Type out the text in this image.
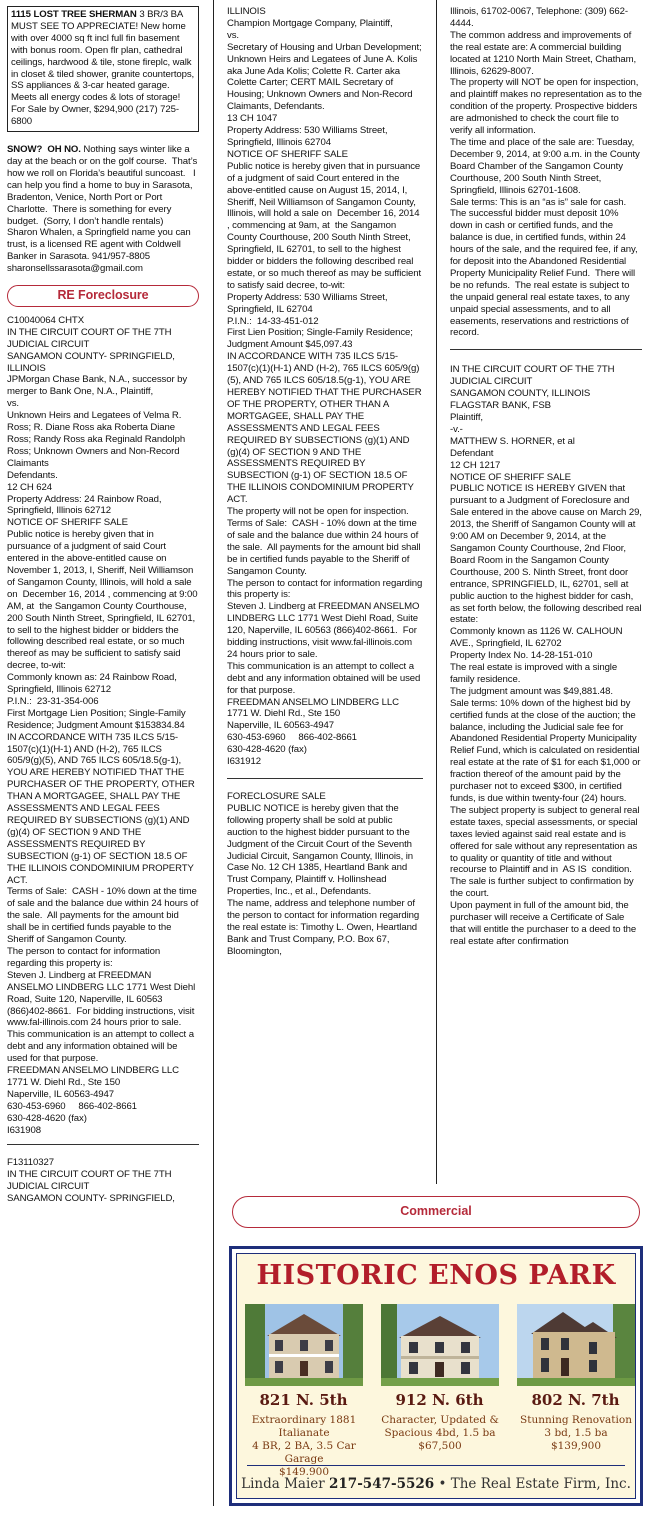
1115 LOST TREE SHERMAN 3 BR/3 BA MUST SEE TO APPRECIATE! New home with over 4000 sq ft incl full fin basement with bonus room. Open flr plan, cathedral ceilings, hardwood & tile, stone fireplc, walk in closet & tiled shower, granite countertops, SS appliances & 3-car heated garage. Meets all energy codes & lots of storage! For Sale by Owner, $294,900 (217) 725-6800

SNOW?  OH NO. Nothing says winter like a day at the beach or on the golf course.  That’s how we roll on Florida’s beautiful suncoast.   I can help you find a home to buy in Sarasota, Bradenton, Venice, North Port or Port Charlotte.  There is something for every budget.  (Sorry, I don’t handle rentals)   Sharon Whalen, a Springfield name you can trust, is a licensed RE agent with Coldwell Banker in Sarasota. 941/957-8805   sharonsellssarasota@gmail.com

RE Foreclosure

C10040064 CHTX
IN THE CIRCUIT COURT OF THE 7TH JUDICIAL CIRCUIT
SANGAMON COUNTY- SPRINGFIELD, ILLINOIS
JPMorgan Chase Bank, N.A., successor by merger to Bank One, N.A., Plaintiff,
vs.
Unknown Heirs and Legatees of Velma R. Ross; R. Diane Ross aka Roberta Diane Ross; Randy Ross aka Reginald Randolph Ross; Unknown Owners and Non-Record Claimants
Defendants.
12 CH 624
Property Address: 24 Rainbow Road, Springfield, Illinois 62712
NOTICE OF SHERIFF SALE
Public notice is hereby given that in pursuance of a judgment of said Court entered in the above-entitled cause on November 1, 2013, I, Sheriff, Neil Williamson of Sangamon County, Illinois, will hold a sale on  December 16, 2014 , commencing at 9:00 AM, at  the Sangamon County Courthouse, 200 South Ninth Street, Springfield, IL 62701, to sell to the highest bidder or bidders the following described real estate, or so much thereof as may be sufficient to satisfy said decree, to-wit:
Commonly known as: 24 Rainbow Road, Springfield, Illinois 62712
P.I.N.:  23-31-354-006
First Mortgage Lien Position; Single-Family Residence; Judgment Amount $153834.84
IN ACCORDANCE WITH 735 ILCS 5/15-1507(c)(1)(H-1) AND (H-2), 765 ILCS 605/9(g)(5), AND 765 ILCS 605/18.5(g-1), YOU ARE HEREBY NOTIFIED THAT THE PURCHASER OF THE PROPERTY, OTHER THAN A MORTGAGEE, SHALL PAY THE ASSESSMENTS AND LEGAL FEES REQUIRED BY SUBSECTIONS (g)(1) AND (g)(4) OF SECTION 9 AND THE ASSESSMENTS REQUIRED BY SUBSECTION (g-1) OF SECTION 18.5 OF THE ILLINOIS CONDOMINIUM PROPERTY ACT.
Terms of Sale:  CASH - 10% down at the time of sale and the balance due within 24 hours of the sale.  All payments for the amount bid shall be in certified funds payable to the Sheriff of Sangamon County.
The person to contact for information regarding this property is:
Steven J. Lindberg at FREEDMAN ANSELMO LINDBERG LLC 1771 West Diehl Road, Suite 120, Naperville, IL 60563 (866)402-8661.  For bidding instructions, visit www.fal-illinois.com 24 hours prior to sale.
This communication is an attempt to collect a debt and any information obtained will be used for that purpose.
FREEDMAN ANSELMO LINDBERG LLC
1771 W. Diehl Rd., Ste 150
Naperville, IL 60563-4947
630-453-6960     866-402-8661
630-428-4620 (fax)
I631908

F13110327
IN THE CIRCUIT COURT OF THE 7TH JUDICIAL CIRCUIT
SANGAMON COUNTY- SPRINGFIELD,

ILLINOIS
Champion Mortgage Company, Plaintiff,
vs.
Secretary of Housing and Urban Development; Unknown Heirs and Legatees of June A. Kolis aka June Ada Kolis; Colette R. Carter aka Colette Carter; CERT MAIL Secretary of Housing; Unknown Owners and Non-Record Claimants, Defendants.
13 CH 1047
Property Address: 530 Williams Street, Springfield, Illinois 62704
NOTICE OF SHERIFF SALE
Public notice is hereby given that in pursuance of a judgment of said Court entered in the above-entitled cause on August 15, 2014, I, Sheriff, Neil Williamson of Sangamon County, Illinois, will hold a sale on  December 16, 2014 , commencing at 9am, at  the Sangamon County Courthouse, 200 South Ninth Street, Springfield, IL 62701, to sell to the highest bidder or bidders the following described real estate, or so much thereof as may be sufficient to satisfy said decree, to-wit:
Property Address: 530 Williams Street, Springfield, IL 62704
P.I.N.:  14-33-451-012
First Lien Position; Single-Family Residence; Judgment Amount $45,097.43
IN ACCORDANCE WITH 735 ILCS 5/15-1507(c)(1)(H-1) AND (H-2), 765 ILCS 605/9(g)(5), AND 765 ILCS 605/18.5(g-1), YOU ARE HEREBY NOTIFIED THAT THE PURCHASER OF THE PROPERTY, OTHER THAN A MORTGAGEE, SHALL PAY THE ASSESSMENTS AND LEGAL FEES REQUIRED BY SUBSECTIONS (g)(1) AND (g)(4) OF SECTION 9 AND THE ASSESSMENTS REQUIRED BY SUBSECTION (g-1) OF SECTION 18.5 OF THE ILLINOIS CONDOMINIUM PROPERTY ACT.
The property will not be open for inspection.
Terms of Sale:  CASH - 10% down at the time of sale and the balance due within 24 hours of the sale.  All payments for the amount bid shall be in certified funds payable to the Sheriff of Sangamon County.
The person to contact for information regarding this property is:
Steven J. Lindberg at FREEDMAN ANSELMO LINDBERG LLC 1771 West Diehl Road, Suite 120, Naperville, IL 60563 (866)402-8661.  For bidding instructions, visit www.fal-illinois.com 24 hours prior to sale.
This communication is an attempt to collect a debt and any information obtained will be used for that purpose.
FREEDMAN ANSELMO LINDBERG LLC
1771 W. Diehl Rd., Ste 150
Naperville, IL 60563-4947
630-453-6960     866-402-8661
630-428-4620 (fax)
I631912

FORECLOSURE SALE
PUBLIC NOTICE is hereby given that the following property shall be sold at public auction to the highest bidder pursuant to the Judgment of the Circuit Court of the Seventh Judicial Circuit, Sangamon County, Illinois, in Case No. 12 CH 1385, Heartland Bank and Trust Company, Plaintiff v. Hollinshead Properties, Inc., et al., Defendants.
The name, address and telephone number of the person to contact for information regarding the real estate is: Timothy L. Owen, Heartland Bank and Trust Company, P.O. Box 67, Bloomington,

Illinois, 61702-0067, Telephone: (309) 662-4444.
The common address and improvements of the real estate are: A commercial building located at 1210 North Main Street, Chatham, Illinois, 62629-8007.
The property will NOT be open for inspection, and plaintiff makes no representation as to the condition of the property. Prospective bidders are admonished to check the court file to verify all information.
The time and place of the sale are: Tuesday, December 9, 2014, at 9:00 a.m. in the County Board Chamber of the Sangamon County Courthouse, 200 South Ninth Street, Springfield, Illinois 62701-1608.
Sale terms: This is an “as is” sale for cash.  The successful bidder must deposit 10% down in cash or certified funds, and the balance is due, in certified funds, within 24 hours of the sale, and the required fee, if any, for deposit into the Abandoned Residential Property Municipality Relief Fund.  There will be no refunds.  The real estate is subject to the unpaid general real estate taxes, to any unpaid special assessments, and to all easements, reservations and restrictions of record.

IN THE CIRCUIT COURT OF THE 7TH JUDICIAL CIRCUIT
SANGAMON COUNTY, ILLINOIS
FLAGSTAR BANK, FSB
Plaintiff,
-v.-
MATTHEW S. HORNER, et al
Defendant
12 CH 1217
NOTICE OF SHERIFF SALE
PUBLIC NOTICE IS HEREBY GIVEN that pursuant to a Judgment of Foreclosure and Sale entered in the above cause on March 29, 2013, the Sheriff of Sangamon County will at 9:00 AM on December 9, 2014, at the Sangamon County Courthouse, 2nd Floor, Board Room in the Sangamon County Courthouse, 200 S. Ninth Street, front door entrance, SPRINGFIELD, IL, 62701, sell at public auction to the highest bidder for cash, as set forth below, the following described real estate:
Commonly known as 1126 W. CALHOUN AVE., Springfield, IL 62702
Property Index No. 14-28-151-010
The real estate is improved with a single family residence.
The judgment amount was $49,881.48.
Sale terms: 10% down of the highest bid by certified funds at the close of the auction; the balance, including the Judicial sale fee for Abandoned Residential Property Municipality Relief Fund, which is calculated on residential real estate at the rate of $1 for each $1,000 or fraction thereof of the amount paid by the purchaser not to exceed $300, in certified funds, is due within twenty-four (24) hours. The subject property is subject to general real estate taxes, special assessments, or special taxes levied against said real estate and is offered for sale without any representation as to quality or quantity of title and without recourse to Plaintiff and in  AS IS  condition. The sale is further subject to confirmation by the court.
Upon payment in full of the amount bid, the purchaser will receive a Certificate of Sale that will entitle the purchaser to a deed to the real estate after confirmation

Commercial
HISTORIC ENOS PARK
821 N. 5th	912 N. 6th	802 N. 7th
Extraordinary 1881 Italianate
4 BR, 2 BA, 3.5 Car Garage
$149.900
Character, Updated &
Spacious 4bd, 1.5 ba
$67,500
Stunning Renovation
3 bd, 1.5 ba
$139,900
Linda Maier 217-547-5526 • The Real Estate Firm, Inc.
